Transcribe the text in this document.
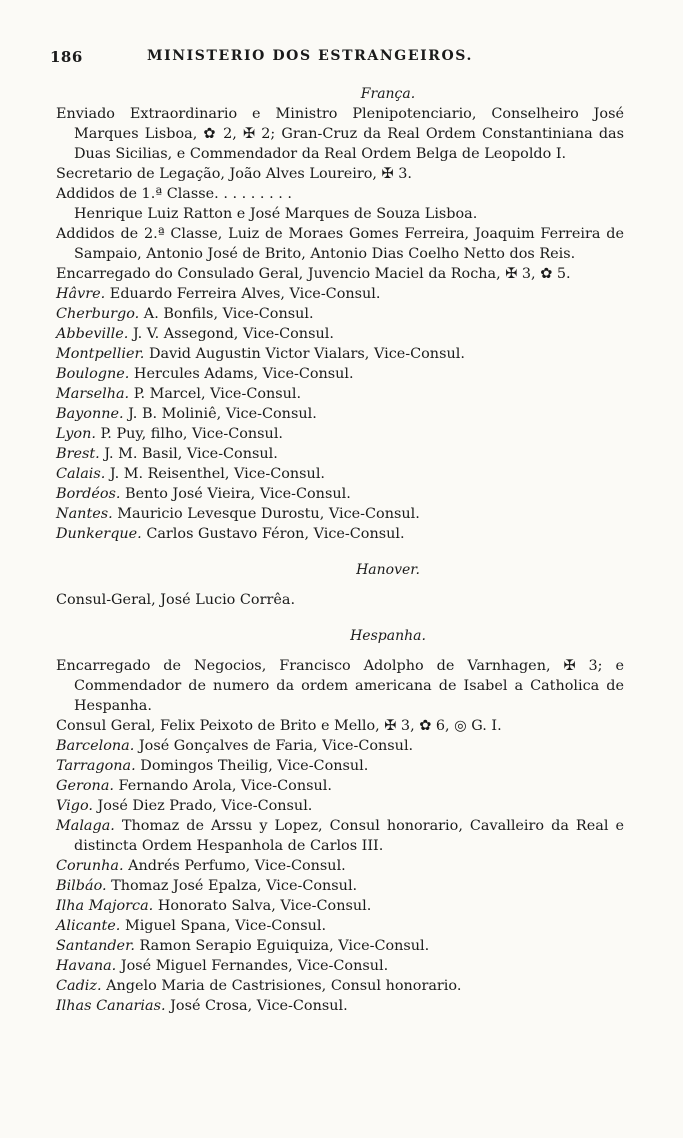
186	MINISTERIO DOS ESTRANGEIROS.
França.
Enviado Extraordinario e Ministro Plenipotenciario, Conselheiro José Marques Lisboa, ✿ 2, ✠ 2; Gran-Cruz da Real Ordem Constantiniana das Duas Sicilias, e Commendador da Real Ordem Belga de Leopoldo I.
Secretario de Legação, João Alves Loureiro, ✠ 3.
Addidos de 1.ª Classe. . . . . . . . .
Henrique Luiz Ratton e José Marques de Souza Lisboa.
Addidos de 2.ª Classe, Luiz de Moraes Gomes Ferreira, Joaquim Ferreira de Sampaio, Antonio José de Brito, Antonio Dias Coelho Netto dos Reis.
Encarregado do Consulado Geral, Juvencio Maciel da Rocha, ✠ 3, ✿ 5.
Hâvre. Eduardo Ferreira Alves, Vice-Consul.
Cherburgo. A. Bonfils, Vice-Consul.
Abbeville. J. V. Assegond, Vice-Consul.
Montpellier. David Augustin Victor Vialars, Vice-Consul.
Boulogne. Hercules Adams, Vice-Consul.
Marselha. P. Marcel, Vice-Consul.
Bayonne. J. B. Moliniê, Vice-Consul.
Lyon. P. Puy, filho, Vice-Consul.
Brest. J. M. Basil, Vice-Consul.
Calais. J. M. Reisenthel, Vice-Consul.
Bordéos. Bento José Vieira, Vice-Consul.
Nantes. Mauricio Levesque Durostu, Vice-Consul.
Dunkerque. Carlos Gustavo Féron, Vice-Consul.
Hanover.
Consul-Geral, José Lucio Corrêa.
Hespanha.
Encarregado de Negocios, Francisco Adolpho de Varnhagen, ✠ 3; e Commendador de numero da ordem americana de Isabel a Catholica de Hespanha.
Consul Geral, Felix Peixoto de Brito e Mello, ✠ 3, ✿ 6, ◎ G. I.
Barcelona. José Gonçalves de Faria, Vice-Consul.
Tarragona. Domingos Theilig, Vice-Consul.
Gerona. Fernando Arola, Vice-Consul.
Vigo. José Diez Prado, Vice-Consul.
Malaga. Thomaz de Arssu y Lopez, Consul honorario, Cavalleiro da Real e distincta Ordem Hespanhola de Carlos III.
Corunha. Andrés Perfumo, Vice-Consul.
Bilbáo. Thomaz José Epalza, Vice-Consul.
Ilha Majorca. Honorato Salva, Vice-Consul.
Alicante. Miguel Spana, Vice-Consul.
Santander. Ramon Serapio Eguiquiza, Vice-Consul.
Havana. José Miguel Fernandes, Vice-Consul.
Cadiz. Angelo Maria de Castrisiones, Consul honorario.
Ilhas Canarias. José Crosa, Vice-Consul.
